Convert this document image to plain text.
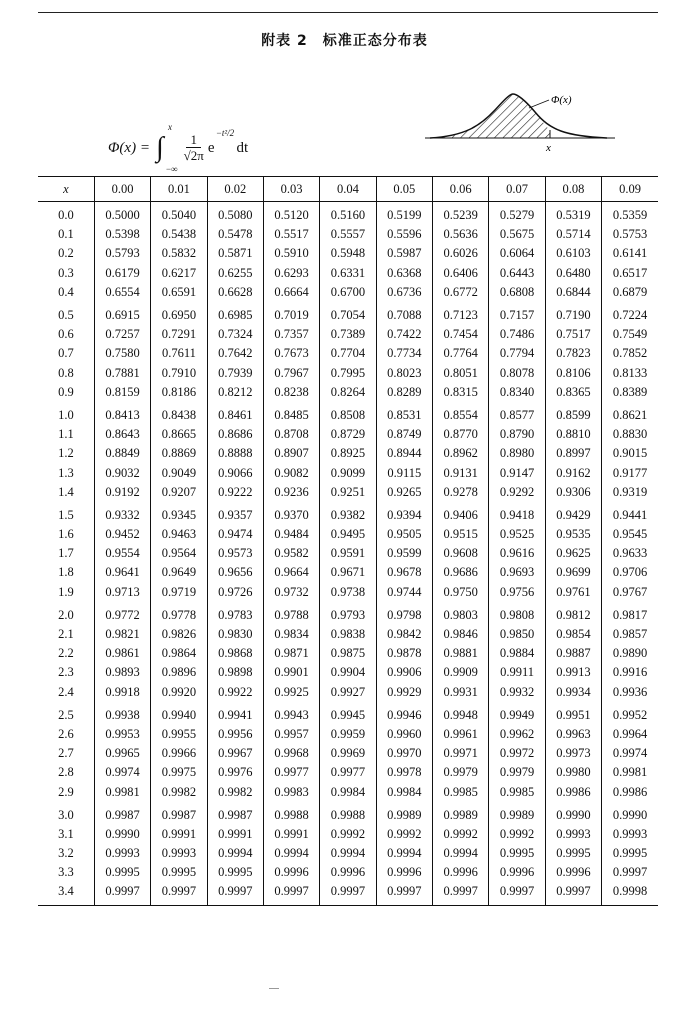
附表 2　标准正态分布表
Φ(x) = ∫
x
−∞
$\frac{1}{√2\pi}$ e
−t²/2
dt
Φ(x)
x
x	0.00	0.01	0.02	0.03	0.04	0.05	0.06	0.07	0.08	0.09
0.0	0.5000	0.5040	0.5080	0.5120	0.5160	0.5199	0.5239	0.5279	0.5319	0.5359
0.1	0.5398	0.5438	0.5478	0.5517	0.5557	0.5596	0.5636	0.5675	0.5714	0.5753
0.2	0.5793	0.5832	0.5871	0.5910	0.5948	0.5987	0.6026	0.6064	0.6103	0.6141
0.3	0.6179	0.6217	0.6255	0.6293	0.6331	0.6368	0.6406	0.6443	0.6480	0.6517
0.4	0.6554	0.6591	0.6628	0.6664	0.6700	0.6736	0.6772	0.6808	0.6844	0.6879
0.5	0.6915	0.6950	0.6985	0.7019	0.7054	0.7088	0.7123	0.7157	0.7190	0.7224
0.6	0.7257	0.7291	0.7324	0.7357	0.7389	0.7422	0.7454	0.7486	0.7517	0.7549
0.7	0.7580	0.7611	0.7642	0.7673	0.7704	0.7734	0.7764	0.7794	0.7823	0.7852
0.8	0.7881	0.7910	0.7939	0.7967	0.7995	0.8023	0.8051	0.8078	0.8106	0.8133
0.9	0.8159	0.8186	0.8212	0.8238	0.8264	0.8289	0.8315	0.8340	0.8365	0.8389
1.0	0.8413	0.8438	0.8461	0.8485	0.8508	0.8531	0.8554	0.8577	0.8599	0.8621
1.1	0.8643	0.8665	0.8686	0.8708	0.8729	0.8749	0.8770	0.8790	0.8810	0.8830
1.2	0.8849	0.8869	0.8888	0.8907	0.8925	0.8944	0.8962	0.8980	0.8997	0.9015
1.3	0.9032	0.9049	0.9066	0.9082	0.9099	0.9115	0.9131	0.9147	0.9162	0.9177
1.4	0.9192	0.9207	0.9222	0.9236	0.9251	0.9265	0.9278	0.9292	0.9306	0.9319
1.5	0.9332	0.9345	0.9357	0.9370	0.9382	0.9394	0.9406	0.9418	0.9429	0.9441
1.6	0.9452	0.9463	0.9474	0.9484	0.9495	0.9505	0.9515	0.9525	0.9535	0.9545
1.7	0.9554	0.9564	0.9573	0.9582	0.9591	0.9599	0.9608	0.9616	0.9625	0.9633
1.8	0.9641	0.9649	0.9656	0.9664	0.9671	0.9678	0.9686	0.9693	0.9699	0.9706
1.9	0.9713	0.9719	0.9726	0.9732	0.9738	0.9744	0.9750	0.9756	0.9761	0.9767
2.0	0.9772	0.9778	0.9783	0.9788	0.9793	0.9798	0.9803	0.9808	0.9812	0.9817
2.1	0.9821	0.9826	0.9830	0.9834	0.9838	0.9842	0.9846	0.9850	0.9854	0.9857
2.2	0.9861	0.9864	0.9868	0.9871	0.9875	0.9878	0.9881	0.9884	0.9887	0.9890
2.3	0.9893	0.9896	0.9898	0.9901	0.9904	0.9906	0.9909	0.9911	0.9913	0.9916
2.4	0.9918	0.9920	0.9922	0.9925	0.9927	0.9929	0.9931	0.9932	0.9934	0.9936
2.5	0.9938	0.9940	0.9941	0.9943	0.9945	0.9946	0.9948	0.9949	0.9951	0.9952
2.6	0.9953	0.9955	0.9956	0.9957	0.9959	0.9960	0.9961	0.9962	0.9963	0.9964
2.7	0.9965	0.9966	0.9967	0.9968	0.9969	0.9970	0.9971	0.9972	0.9973	0.9974
2.8	0.9974	0.9975	0.9976	0.9977	0.9977	0.9978	0.9979	0.9979	0.9980	0.9981
2.9	0.9981	0.9982	0.9982	0.9983	0.9984	0.9984	0.9985	0.9985	0.9986	0.9986
3.0	0.9987	0.9987	0.9987	0.9988	0.9988	0.9989	0.9989	0.9989	0.9990	0.9990
3.1	0.9990	0.9991	0.9991	0.9991	0.9992	0.9992	0.9992	0.9992	0.9993	0.9993
3.2	0.9993	0.9993	0.9994	0.9994	0.9994	0.9994	0.9994	0.9995	0.9995	0.9995
3.3	0.9995	0.9995	0.9995	0.9996	0.9996	0.9996	0.9996	0.9996	0.9996	0.9997
3.4	0.9997	0.9997	0.9997	0.9997	0.9997	0.9997	0.9997	0.9997	0.9997	0.9998
